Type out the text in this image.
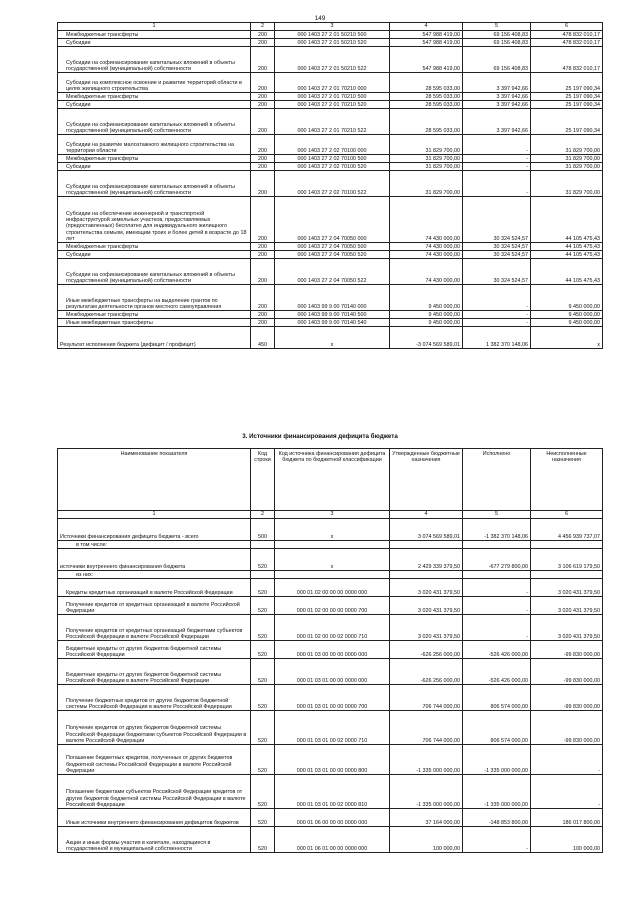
149
1	2	3	4	5	6
Межбюджетные трансферты	200	000 1403 27 2 01 50210 500	547 988 419,00	69 156 408,83	478 832 010,17
Субсидии	200	000 1403 27 2 01 50210 520	547 988 419,00	69 156 408,83	478 832 010,17
Субсидии на софинансирование капитальных вложений в объекты государственной (муниципальной) собственности	200	000 1403 27 2 01 50210 522	547 988 419,00	69 156 408,83	478 832 010,17
Субсидии на комплексное освоение и развитие территорий области в целях жилищного строительства	200	000 1403 27 2 01 70210 000	28 595 033,00	3 397 942,66	25 197 090,34
Межбюджетные трансферты	200	000 1403 27 2 01 70210 500	28 595 033,00	3 397 942,66	25 197 090,34
Субсидии	200	000 1403 27 2 01 70210 520	28 595 033,00	3 397 942,66	25 197 090,34
Субсидии на софинансирование капитальных вложений в объекты государственной (муниципальной) собственности	200	000 1403 27 2 01 70210 522	28 595 033,00	3 397 942,66	25 197 090,34
Субсидии на развитие малоэтажного жилищного строительства на территории области	200	000 1403 27 2 02 70100 000	31 829 700,00	-	31 829 700,00
Межбюджетные трансферты	200	000 1403 27 2 02 70100 500	31 829 700,00	-	31 829 700,00
Субсидии	200	000 1403 27 2 02 70100 520	31 829 700,00	-	31 829 700,00
Субсидии на софинансирование капитальных вложений в объекты государственной (муниципальной) собственности	200	000 1403 27 2 02 70100 522	31 829 700,00	-	31 829 700,00
Субсидии на обеспечение инженерной и транспортной инфраструктурой земельных участков, предоставляемых (предоставленных) бесплатно для индивидуального жилищного строительства семьям, имеющим троих и более детей в возрасте до 18 лет	200	000 1403 27 2 04 70050 000	74 430 000,00	30 324 524,57	44 105 475,43
Межбюджетные трансферты	200	000 1403 27 2 04 70050 500	74 430 000,00	30 324 524,57	44 105 475,43
Субсидии	200	000 1403 27 2 04 70050 520	74 430 000,00	30 324 524,57	44 105 475,43
Субсидии на софинансирование капитальных вложений в объекты государственной (муниципальной) собственности	200	000 1403 27 2 04 70050 522	74 430 000,00	30 324 524,57	44 105 475,43
Иные межбюджетные трансферты на выделение грантов по результатам деятельности органов местного самоуправления	200	000 1403 99 9 00 70140 000	9 450 000,00	-	9 450 000,00
Межбюджетные трансферты	200	000 1403 99 9 00 70140 500	9 450 000,00	-	9 450 000,00
Иные межбюджетные трансферты	200	000 1403 99 9 00 70140 540	9 450 000,00	-	9 450 000,00
Результат исполнения бюджета (дефицит / профицит)	450	x	-3 074 569 589,01	1 382 370 148,06	x
3. Источники финансирования дефицита бюджета
Наименование показателя	Код строки	Код источника финансирования дефицита бюджета по бюджетной классификации	Утвержденные бюджетные назначения	Исполнено	Неисполненные назначения
1	2	3	4	5	6
Источники финансирования дефицита бюджета - всего	500	x	3 074 569 589,01	-1 382 370 148,06	4 456 939 737,07
в том числе:					
источники внутреннего финансирования бюджета	520	x	2 429 339 379,50	-677 279 800,00	3 106 619 179,50
из них:					
Кредиты кредитных организаций в валюте Российской Федерации	520	000 01 02 00 00 00 0000 000	3 020 431 379,50	-	3 020 431 379,50
Получение кредитов от кредитных организаций в валюте Российской Федерации	520	000 01 02 00 00 00 0000 700	3 020 431 379,50	-	3 020 431 379,50
Получение кредитов от кредитных организаций бюджетами субъектов Российской Федерации в валюте Российской Федерации	520	000 01 02 00 00 02 0000 710	3 020 431 379,50	-	3 020 431 379,50
Бюджетные кредиты от других бюджетов бюджетной системы Российской Федерации	520	000 01 03 00 00 00 0000 000	-626 256 000,00	-526 426 000,00	-99 830 000,00
Бюджетные кредиты от других бюджетов бюджетной системы Российской Федерации в валюте Российской Федерации	520	000 01 03 01 00 00 0000 000	-626 256 000,00	-526 426 000,00	-99 830 000,00
Получение бюджетных кредитов от других бюджетов бюджетной системы Российской Федерации в валюте Российской Федерации	520	000 01 03 01 00 00 0000 700	706 744 000,00	806 574 000,00	-99 830 000,00
Получение кредитов от других бюджетов бюджетной системы Российской Федерации бюджетами субъектов Российской Федерации в валюте Российской Федерации	520	000 01 03 01 00 02 0000 710	706 744 000,00	806 574 000,00	-99 830 000,00
Погашение бюджетных кредитов, полученных от других бюджетов бюджетной системы Российской Федерации в валюте Российской Федерации	520	000 01 03 01 00 00 0000 800	-1 335 000 000,00	-1 335 000 000,00	-
Погашение бюджетами субъектов Российской Федерации кредитов от других бюджетов бюджетной системы Российской Федерации в валюте Российской Федерации	520	000 01 03 01 00 02 0000 810	-1 335 000 000,00	-1 335 000 000,00	-
Иные источники внутреннего финансирования дефицитов бюджетов	520	000 01 06 00 00 00 0000 000	37 164 000,00	-148 853 800,00	186 017 800,00
Акции и иные формы участия в капитале, находящиеся в государственной и муниципальной собственности	520	000 01 06 01 00 00 0000 000	100 000,00	-	100 000,00
